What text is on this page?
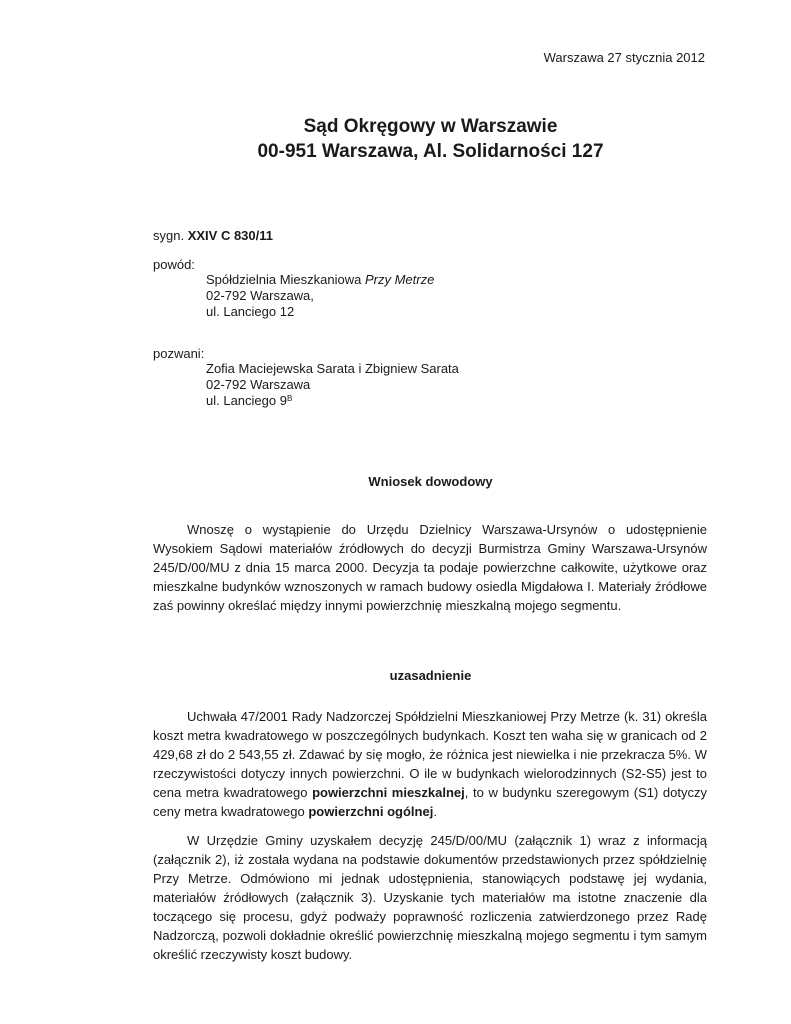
Warszawa 27 stycznia 2012
Sąd Okręgowy w Warszawie
00-951 Warszawa, Al. Solidarności 127
sygn. XXIV C 830/11
powód:
Spółdzielnia Mieszkaniowa Przy Metrze
02-792 Warszawa,
ul. Lanciego 12
pozwani:
Zofia Maciejewska Sarata i Zbigniew Sarata
02-792 Warszawa
ul. Lanciego $9^B$
Wniosek dowodowy

Wnoszę o wystąpienie do Urzędu Dzielnicy Warszawa-Ursynów o udostępnienie Wysokiem Sądowi materiałów źródłowych do decyzji Burmistrza Gminy Warszawa-Ursynów 245/D/00/MU z dnia 15 marca 2000. Decyzja ta podaje powierzchne całkowite, użytkowe oraz mieszkalne budynków wznoszonych w ramach budowy osiedla Migdałowa I. Materiały źródłowe zaś powinny określać między innymi powierzchnię mieszkalną mojego segmentu.

uzasadnienie

Uchwała 47/2001 Rady Nadzorczej Spółdzielni Mieszkaniowej Przy Metrze (k. 31) określa koszt metra kwadratowego w poszczególnych budynkach. Koszt ten waha się w granicach od 2 429,68 zł do 2 543,55 zł. Zdawać by się mogło, że różnica jest niewielka i nie przekracza 5%. W rzeczywistości dotyczy innych powierzchni. O ile w budynkach wielorodzinnych (S2-S5) jest to cena metra kwadratowego powierzchni mieszkalnej, to w budynku szeregowym (S1) dotyczy ceny metra kwadratowego powierzchni ogólnej.

W Urzędzie Gminy uzyskałem decyzję 245/D/00/MU (załącznik 1) wraz z informacją (załącznik 2), iż została wydana na podstawie dokumentów przedstawionych przez spółdzielnię Przy Metrze. Odmówiono mi jednak udostępnienia, stanowiących podstawę jej wydania, materiałów źródłowych (załącznik 3). Uzyskanie tych materiałów ma istotne znaczenie dla toczącego się procesu, gdyż podważy poprawność rozliczenia zatwierdzonego przez Radę Nadzorczą, pozwoli dokładnie określić powierzchnię mieszkalną mojego segmentu i tym samym określić rzeczywisty koszt budowy.
